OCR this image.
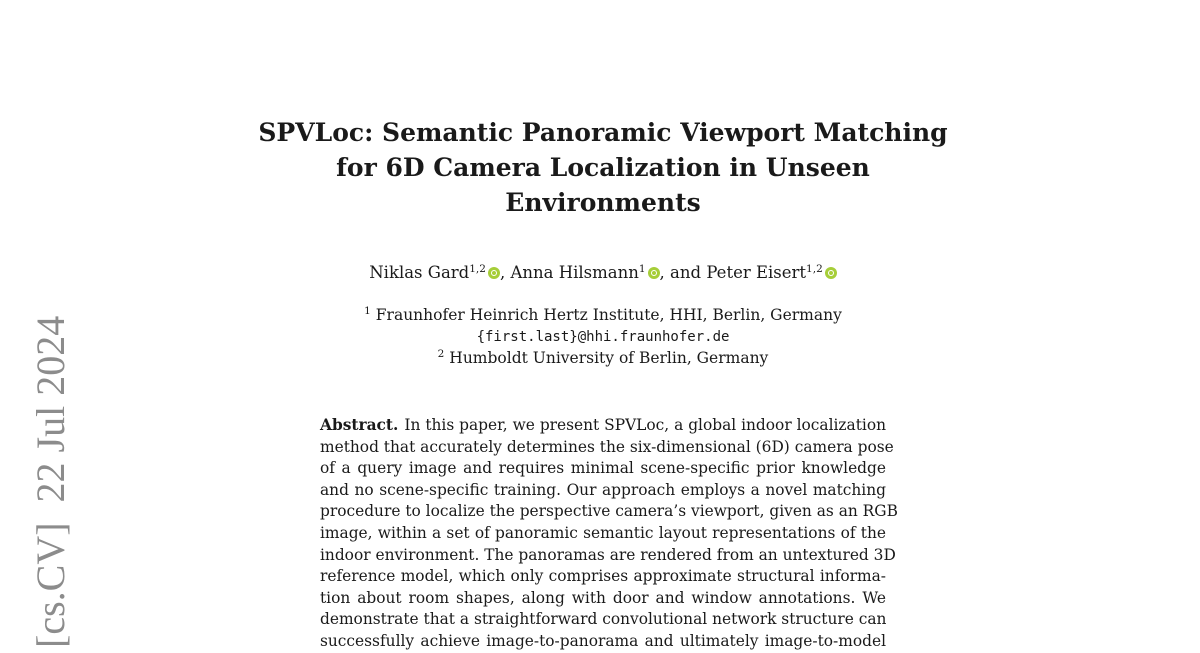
[cs.CV]  22 Jul 2024
SPVLoc: Semantic Panoramic Viewport Matching
for 6D Camera Localization in Unseen
Environments
Niklas Gard$^{1,2}$ , Anna Hilsmann$^1$ , and Peter Eisert$^{1,2}$
$^1$ Fraunhofer Heinrich Hertz Institute, HHI, Berlin, Germany
{first.last}@hhi.fraunhofer.de
$^2$ Humboldt University of Berlin, Germany
Abstract. In this paper, we present SPVLoc, a global indoor localization
method that accurately determines the six-dimensional (6D) camera pose
of a query image and requires minimal scene-specific prior knowledge
and no scene-specific training. Our approach employs a novel matching
procedure to localize the perspective camera’s viewport, given as an RGB
image, within a set of panoramic semantic layout representations of the
indoor environment. The panoramas are rendered from an untextured 3D
reference model, which only comprises approximate structural informa-
tion about room shapes, along with door and window annotations. We
demonstrate that a straightforward convolutional network structure can
successfully achieve image-to-panorama and ultimately image-to-model
